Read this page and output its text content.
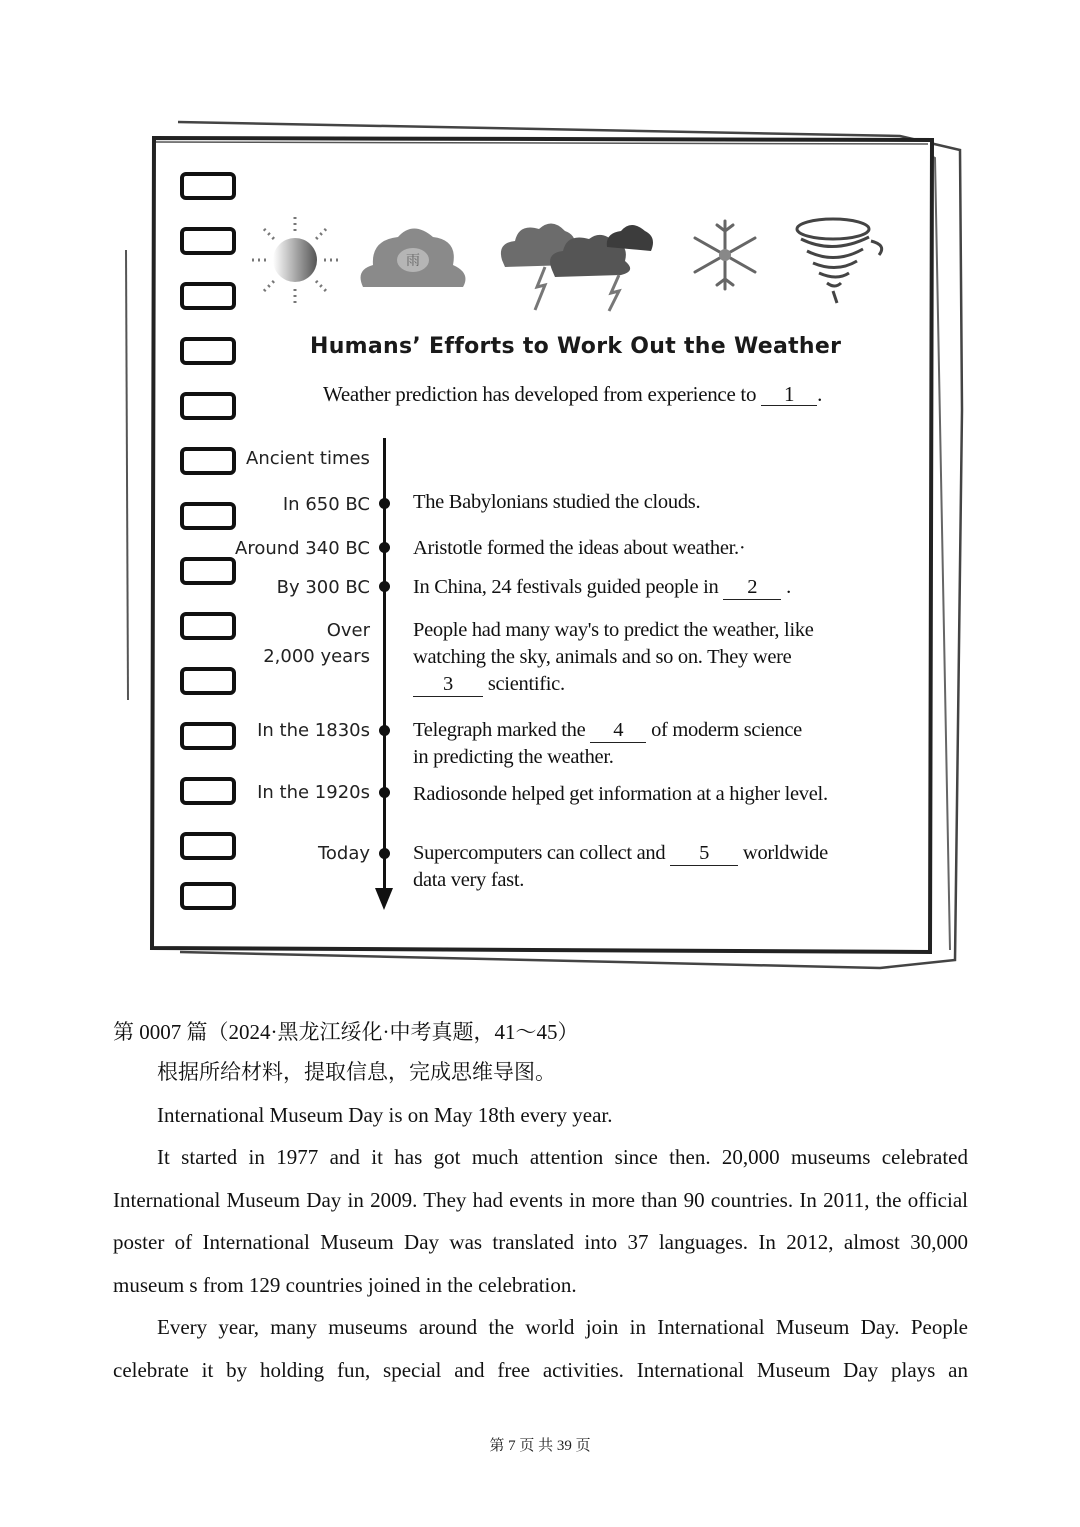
雨
Humans’ Efforts to Work Out the Weather
Weather prediction has developed from experience to 1 .
Ancient times
In 650 BC The Babylonians studied the clouds.
Around 340 BC Aristotle formed the ideas about weather.·
By 300 BC In China, 24 festivals guided people in 2 .
Over
2,000 years
People had many way's to predict the weather, like
watching the sky, animals and so on. They were
3 scientific.
In the 1830s Telegraph marked the 4 of moderm science
in predicting the weather.
In the 1920s Radiosonde helped get information at a higher level.
Today Supercomputers can collect and 5 worldwide
data very fast.
第 0007 篇（2024·黑龙江绥化·中考真题，41～45）
根据所给材料，提取信息，完成思维导图。
International Museum Day is on May 18th every year.
It started in 1977 and it has got much attention since then. 20,000 museums celebrated
International Museum Day in 2009. They had events in more than 90 countries. In 2011, the official
poster of International Museum Day was translated into 37 languages. In 2012, almost 30,000
museum s from 129 countries joined in the celebration.
Every year, many museums around the world join in International Museum Day. People
celebrate it by holding fun, special and free activities. International Museum Day plays an
第 7 页 共 39 页
